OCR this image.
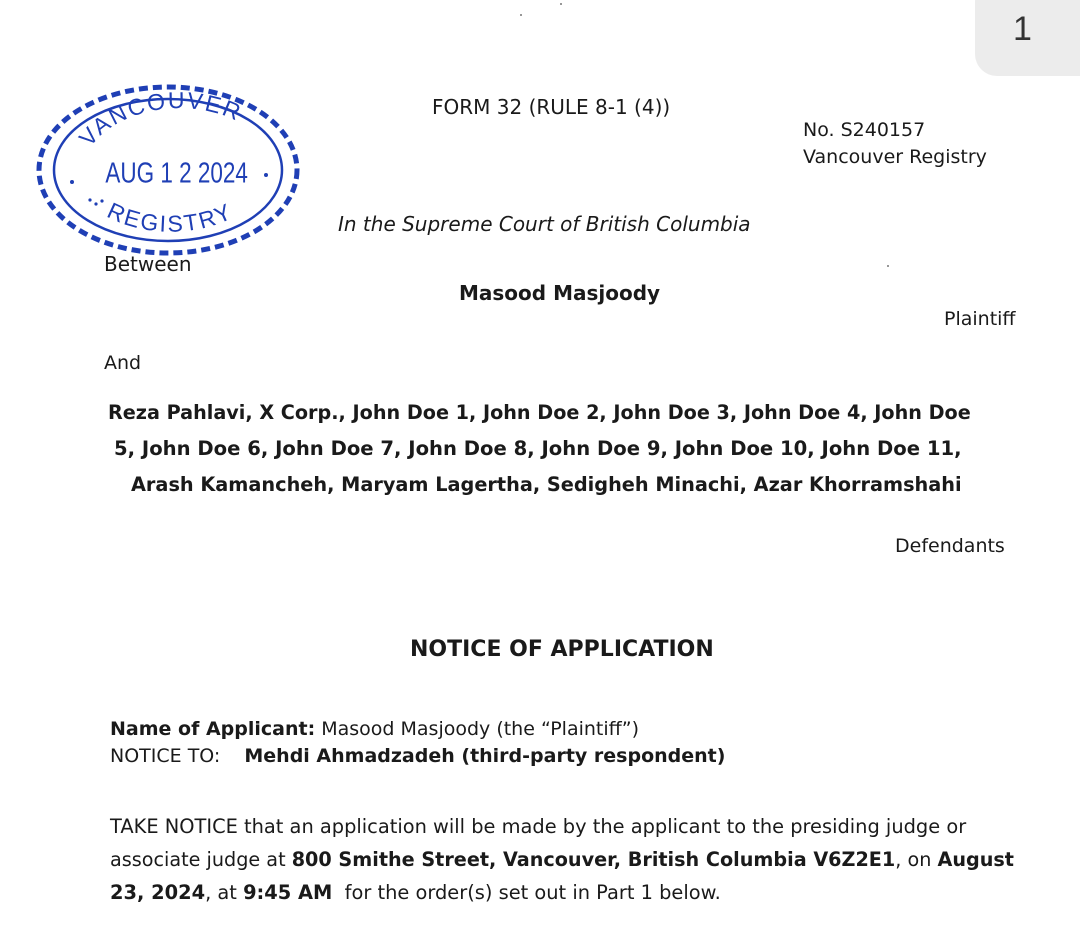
1
VANCOUVER
REGISTRY
AUG 1 2 2024
FORM 32 (RULE 8-1 (4))
No. S240157
Vancouver Registry
In the Supreme Court of British Columbia
Between
Masood Masjoody
Plaintiff
And
Reza Pahlavi, X Corp., John Doe 1, John Doe 2, John Doe 3, John Doe 4, John Doe
5, John Doe 6, John Doe 7, John Doe 8, John Doe 9, John Doe 10, John Doe 11,
Arash Kamancheh, Maryam Lagertha, Sedigheh Minachi, Azar Khorramshahi
Defendants
NOTICE OF APPLICATION
Name of Applicant: Masood Masjoody (the “Plaintiff”)
NOTICE TO: Mehdi Ahmadzadeh (third-party respondent)
TAKE NOTICE that an application will be made by the applicant to the presiding judge or
associate judge at 800 Smithe Street, Vancouver, British Columbia V6Z2E1, on August
23, 2024, at 9:45 AM  for the order(s) set out in Part 1 below.
